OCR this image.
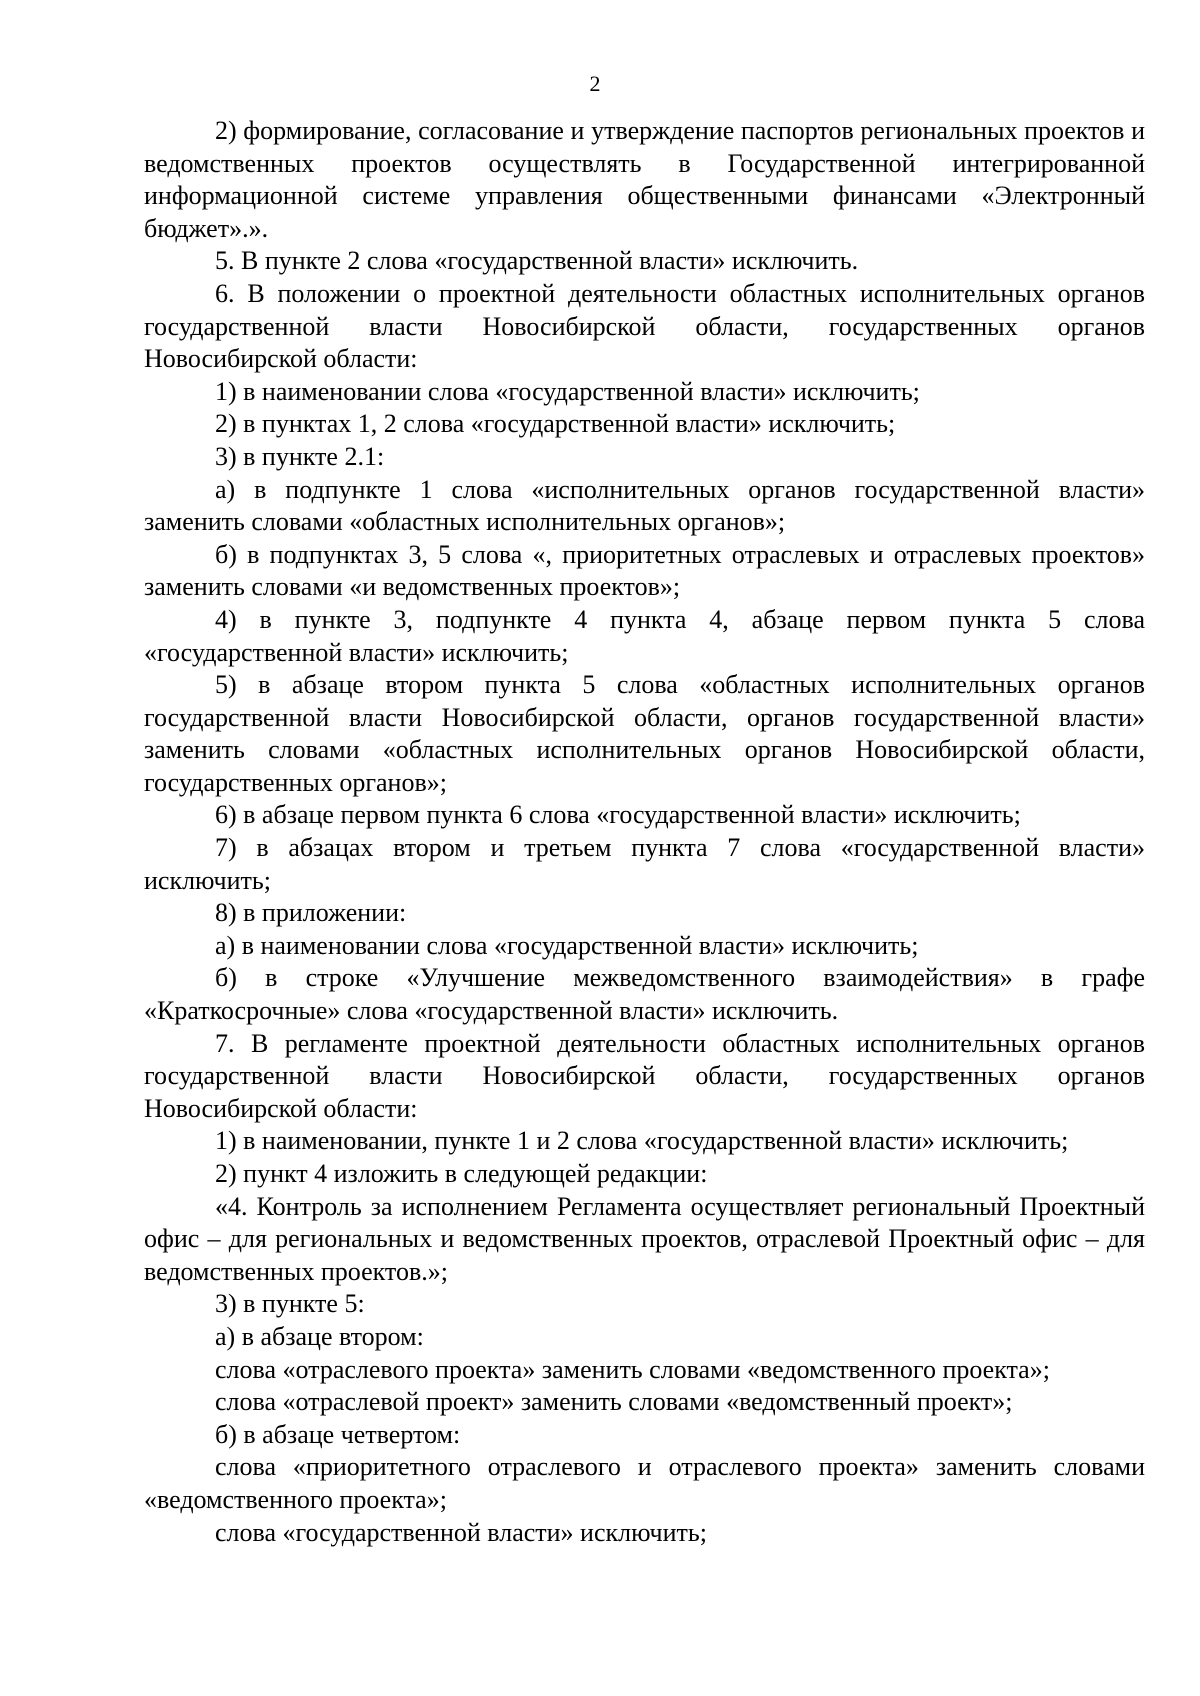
2

2) формирование, согласование и утверждение паспортов региональных проектов и ведомственных проектов осуществлять в Государственной интегрированной информационной системе управления общественными финансами «Электронный бюджет».».

5. В пункте 2 слова «государственной власти» исключить.

6. В положении о проектной деятельности областных исполнительных органов государственной власти Новосибирской области, государственных органов Новосибирской области:

1) в наименовании слова «государственной власти» исключить;

2) в пунктах 1, 2 слова «государственной власти» исключить;

3) в пункте 2.1:

а) в подпункте 1 слова «исполнительных органов государственной власти» заменить словами «областных исполнительных органов»;

б) в подпунктах 3, 5 слова «, приоритетных отраслевых и отраслевых проектов» заменить словами «и ведомственных проектов»;

4) в пункте 3, подпункте 4 пункта 4, абзаце первом пункта 5 слова «государственной власти» исключить;

5) в абзаце втором пункта 5 слова «областных исполнительных органов государственной власти Новосибирской области, органов государственной власти» заменить словами «областных исполнительных органов Новосибирской области, государственных органов»;

6) в абзаце первом пункта 6 слова «государственной власти» исключить;

7) в абзацах втором и третьем пункта 7 слова «государственной власти» исключить;

8) в приложении:

а) в наименовании слова «государственной власти» исключить;

б) в строке «Улучшение межведомственного взаимодействия» в графе «Краткосрочные» слова «государственной власти» исключить.

7. В регламенте проектной деятельности областных исполнительных органов государственной власти Новосибирской области, государственных органов Новосибирской области:

1) в наименовании, пункте 1 и 2 слова «государственной власти» исключить;

2) пункт 4 изложить в следующей редакции:

«4. Контроль за исполнением Регламента осуществляет региональный Проектный офис – для региональных и ведомственных проектов, отраслевой Проектный офис – для ведомственных проектов.»;

3) в пункте 5:

а) в абзаце втором:

слова «отраслевого проекта» заменить словами «ведомственного проекта»;

слова «отраслевой проект» заменить словами «ведомственный проект»;

б) в абзаце четвертом:

слова «приоритетного отраслевого и отраслевого проекта» заменить словами «ведомственного проекта»;

слова «государственной власти» исключить;
